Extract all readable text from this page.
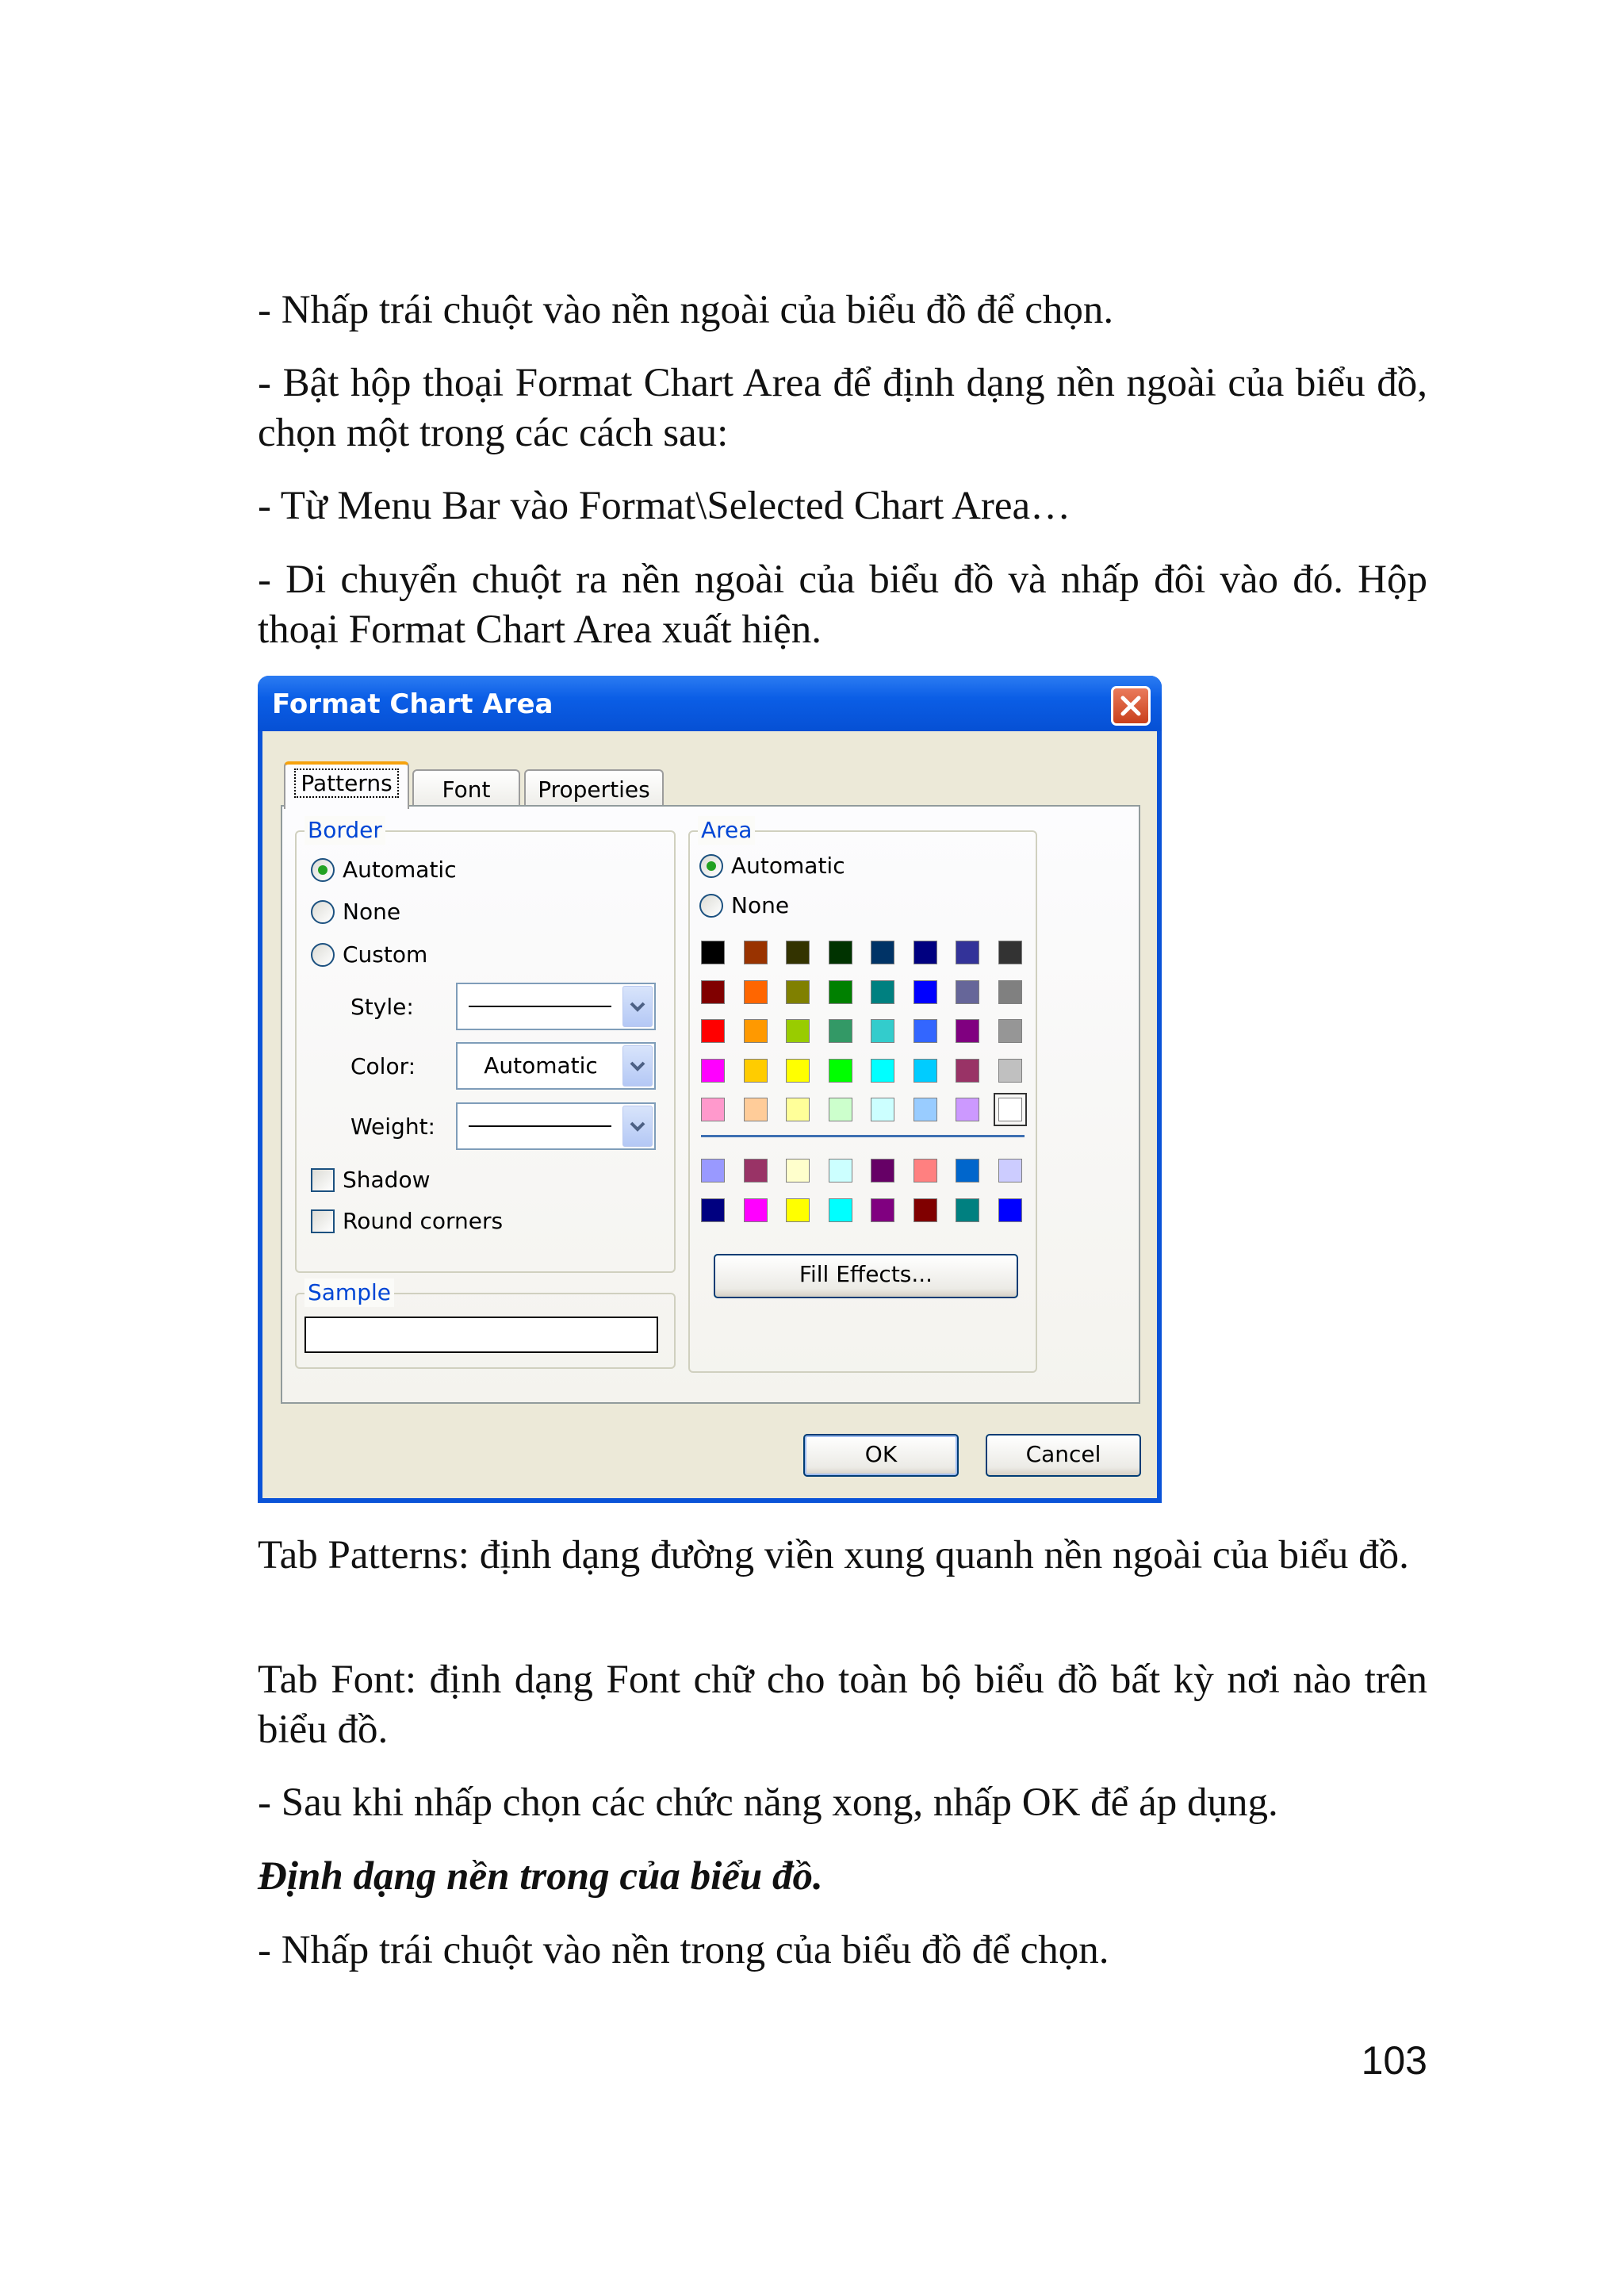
- Nhấp trái chuột vào nền ngoài của biểu đồ để chọn.

- Bật hộp thoại Format Chart Area để định dạng nền ngoài của biểu đồ, chọn một trong các cách sau:

- Từ Menu Bar vào Format\Selected Chart Area…

- Di chuyển chuột ra nền ngoài của biểu đồ và nhấp đôi vào đó. Hộp thoại Format Chart Area xuất hiện.

Format Chart Area
Patterns	Font	Properties
Border
Automatic
None
Custom
Style:
Color:	Automatic
Weight:
Shadow
Round corners
Sample
Area
Automatic
None
Fill Effects...
OK	Cancel

Tab Patterns: định dạng đường viền xung quanh nền ngoài của biểu đồ.

Tab Font: định dạng Font chữ cho toàn bộ biểu đồ bất kỳ nơi nào trên biểu đồ.

- Sau khi nhấp chọn các chức năng xong, nhấp OK để áp dụng.

Định dạng nền trong của biểu đồ.

- Nhấp trái chuột vào nền trong của biểu đồ để chọn.

103
